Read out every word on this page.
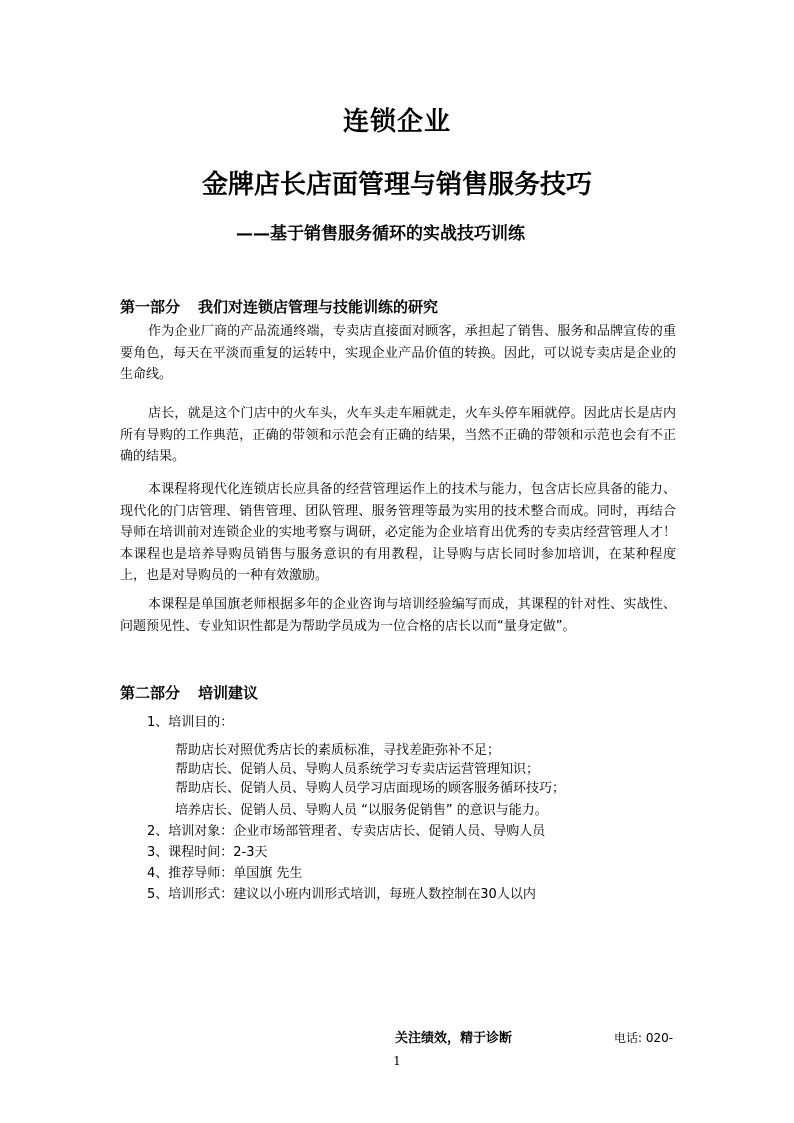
连锁企业
金牌店长店面管理与销售服务技巧
——基于销售服务循环的实战技巧训练
第一部分 我们对连锁店管理与技能训练的研究

作为企业厂商的产品流通终端，专卖店直接面对顾客，承担起了销售、服务和品牌宣传的重要角色，每天在平淡而重复的运转中，实现企业产品价值的转换。因此，可以说专卖店是企业的生命线。

店长，就是这个门店中的火车头，火车头走车厢就走，火车头停车厢就停。因此店长是店内所有导购的工作典范，正确的带领和示范会有正确的结果，当然不正确的带领和示范也会有不正确的结果。

本课程将现代化连锁店长应具备的经营管理运作上的技术与能力，包含店长应具备的能力、现代化的门店管理、销售管理、团队管理、服务管理等最为实用的技术整合而成。同时，再结合导师在培训前对连锁企业的实地考察与调研，必定能为企业培育出优秀的专卖店经营管理人才！本课程也是培养导购员销售与服务意识的有用教程，让导购与店长同时参加培训，在某种程度上，也是对导购员的一种有效激励。

本课程是单国旗老师根据多年的企业咨询与培训经验编写而成，其课程的针对性、实战性、问题预见性、专业知识性都是为帮助学员成为一位合格的店长以而“量身定做”。

第二部分 培训建议
1、培训目的：
帮助店长对照优秀店长的素质标准，寻找差距弥补不足；
帮助店长、促销人员、导购人员系统学习专卖店运营管理知识；
帮助店长、促销人员、导购人员学习店面现场的顾客服务循环技巧；
培养店长、促销人员、导购人员 “以服务促销售” 的意识与能力。
2、培训对象：企业市场部管理者、专卖店店长、促销人员、导购人员
3、课程时间：2-3天
4、推荐导师：单国旗 先生
5、培训形式：建议以小班内训形式培训，每班人数控制在30人以内
关注绩效，精于诊断	电话: 020-
1
